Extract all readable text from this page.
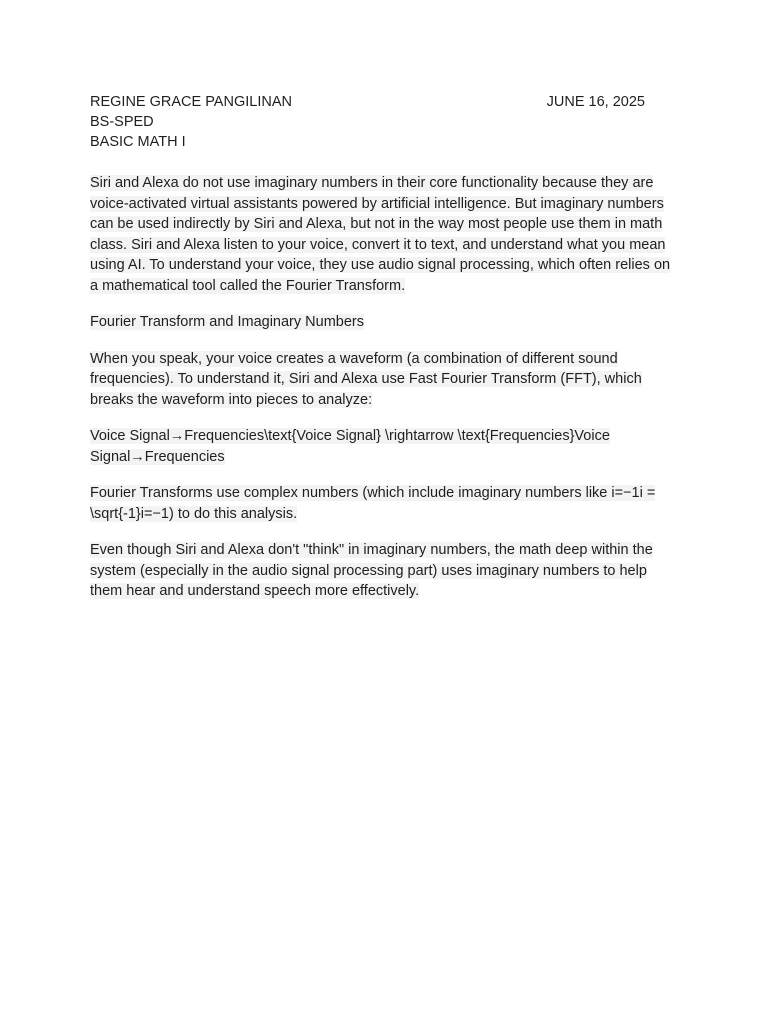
REGINE GRACE PANGILINAN	JUNE 16, 2025
BS-SPED
BASIC MATH I

Siri and Alexa do not use imaginary numbers in their core functionality because they are voice-activated virtual assistants powered by artificial intelligence. But imaginary numbers can be used indirectly by Siri and Alexa, but not in the way most people use them in math class. Siri and Alexa listen to your voice, convert it to text, and understand what you mean using AI. To understand your voice, they use audio signal processing, which often relies on a mathematical tool called the Fourier Transform.

Fourier Transform and Imaginary Numbers

When you speak, your voice creates a waveform (a combination of different sound frequencies). To understand it, Siri and Alexa use Fast Fourier Transform (FFT), which breaks the waveform into pieces to analyze:

Voice Signal→Frequencies\text{Voice Signal} \rightarrow \text{Frequencies}Voice Signal→Frequencies

Fourier Transforms use complex numbers (which include imaginary numbers like i=−1i = \sqrt{-1}i=−1) to do this analysis.

Even though Siri and Alexa don't "think" in imaginary numbers, the math deep within the system (especially in the audio signal processing part) uses imaginary numbers to help them hear and understand speech more effectively.
